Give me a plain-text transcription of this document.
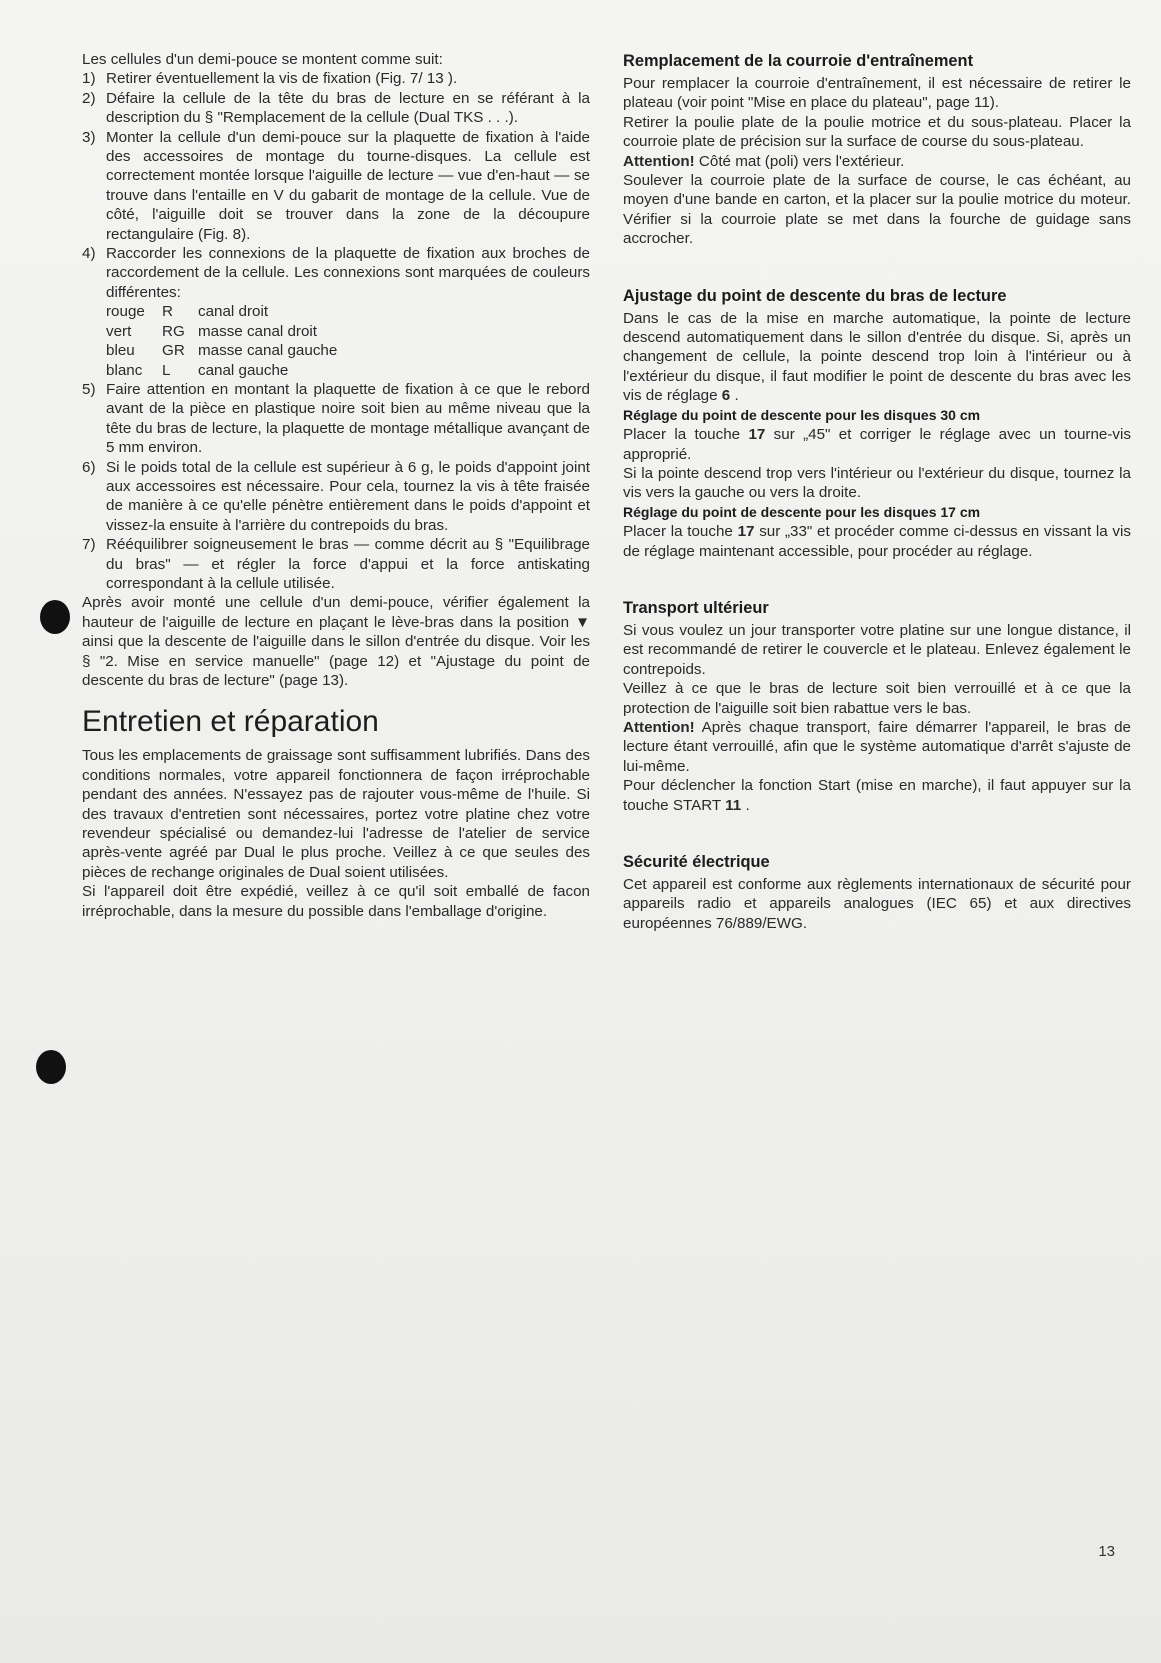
Les cellules d'un demi-pouce se montent comme suit:

1) Retirer éventuellement la vis de fixation (Fig. 7/ 13 ).
2) Défaire la cellule de la tête du bras de lecture en se référant à la description du § "Remplacement de la cellule (Dual TKS . . .).
3) Monter la cellule d'un demi-pouce sur la plaquette de fixation à l'aide des accessoires de montage du tourne-disques. La cellule est correctement montée lorsque l'aiguille de lecture — vue d'en-haut — se trouve dans l'entaille en V du gabarit de montage de la cellule. Vue de côté, l'aiguille doit se trouver dans la zone de la découpure rectangulaire (Fig. 8).
4) Raccorder les connexions de la plaquette de fixation aux broches de raccordement de la cellule. Les connexions sont marquées de couleurs différentes:
rouge	R	canal droit
vert	RG masse canal droit
bleu	GR masse canal gauche
blanc	L	canal gauche
5) Faire attention en montant la plaquette de fixation à ce que le rebord avant de la pièce en plastique noire soit bien au même niveau que la tête du bras de lecture, la plaquette de montage métallique avançant de 5 mm environ.
6) Si le poids total de la cellule est supérieur à 6 g, le poids d'appoint joint aux accessoires est nécessaire. Pour cela, tournez la vis à tête fraisée de manière à ce qu'elle pénètre entièrement dans le poids d'appoint et vissez-la ensuite à l'arrière du contrepoids du bras.
7) Rééquilibrer soigneusement le bras — comme décrit au § "Equilibrage du bras" — et régler la force d'appui et la force antiskating correspondant à la cellule utilisée.

Après avoir monté une cellule d'un demi-pouce, vérifier également la hauteur de l'aiguille de lecture en plaçant le lève-bras dans la position ▼ ainsi que la descente de l'aiguille dans le sillon d'entrée du disque. Voir les § "2. Mise en service manuelle" (page 12) et "Ajustage du point de descente du bras de lecture" (page 13).

Entretien et réparation

Tous les emplacements de graissage sont suffisamment lubrifiés. Dans des conditions normales, votre appareil fonctionnera de façon irréprochable pendant des années. N'essayez pas de rajouter vous-même de l'huile. Si des travaux d'entretien sont nécessaires, portez votre platine chez votre revendeur spécialisé ou demandez-lui l'adresse de l'atelier de service après-vente agréé par Dual le plus proche. Veillez à ce que seules des pièces de rechange originales de Dual soient utilisées.

Si l'appareil doit être expédié, veillez à ce qu'il soit emballé de facon irréprochable, dans la mesure du possible dans l'emballage d'origine.

Remplacement de la courroie d'entraînement

Pour remplacer la courroie d'entraînement, il est nécessaire de retirer le plateau (voir point "Mise en place du plateau", page 11).

Retirer la poulie plate de la poulie motrice et du sous-plateau. Placer la courroie plate de précision sur la surface de course du sous-plateau.

Attention! Côté mat (poli) vers l'extérieur.

Soulever la courroie plate de la surface de course, le cas échéant, au moyen d'une bande en carton, et la placer sur la poulie motrice du moteur. Vérifier si la courroie plate se met dans la fourche de guidage sans accrocher.

Ajustage du point de descente du bras de lecture

Dans le cas de la mise en marche automatique, la pointe de lecture descend automatiquement dans le sillon d'entrée du disque. Si, après un changement de cellule, la pointe descend trop loin à l'intérieur ou à l'extérieur du disque, il faut modifier le point de descente du bras avec les vis de réglage 6 .

Réglage du point de descente pour les disques 30 cm

Placer la touche 17 sur „45" et corriger le réglage avec un tourne-vis approprié.

Si la pointe descend trop vers l'intérieur ou l'extérieur du disque, tournez la vis vers la gauche ou vers la droite.

Réglage du point de descente pour les disques 17 cm

Placer la touche 17 sur „33" et procéder comme ci-dessus en vissant la vis de réglage maintenant accessible, pour procéder au réglage.

Transport ultérieur

Si vous voulez un jour transporter votre platine sur une longue distance, il est recommandé de retirer le couvercle et le plateau. Enlevez également le contrepoids.

Veillez à ce que le bras de lecture soit bien verrouillé et à ce que la protection de l'aiguille soit bien rabattue vers le bas.

Attention! Après chaque transport, faire démarrer l'appareil, le bras de lecture étant verrouillé, afin que le système automatique d'arrêt s'ajuste de lui-même.

Pour déclencher la fonction Start (mise en marche), il faut appuyer sur la touche START 11 .

Sécurité électrique

Cet appareil est conforme aux règlements internationaux de sécurité pour appareils radio et appareils analogues (IEC 65) et aux directives européennes 76/889/EWG.

13
